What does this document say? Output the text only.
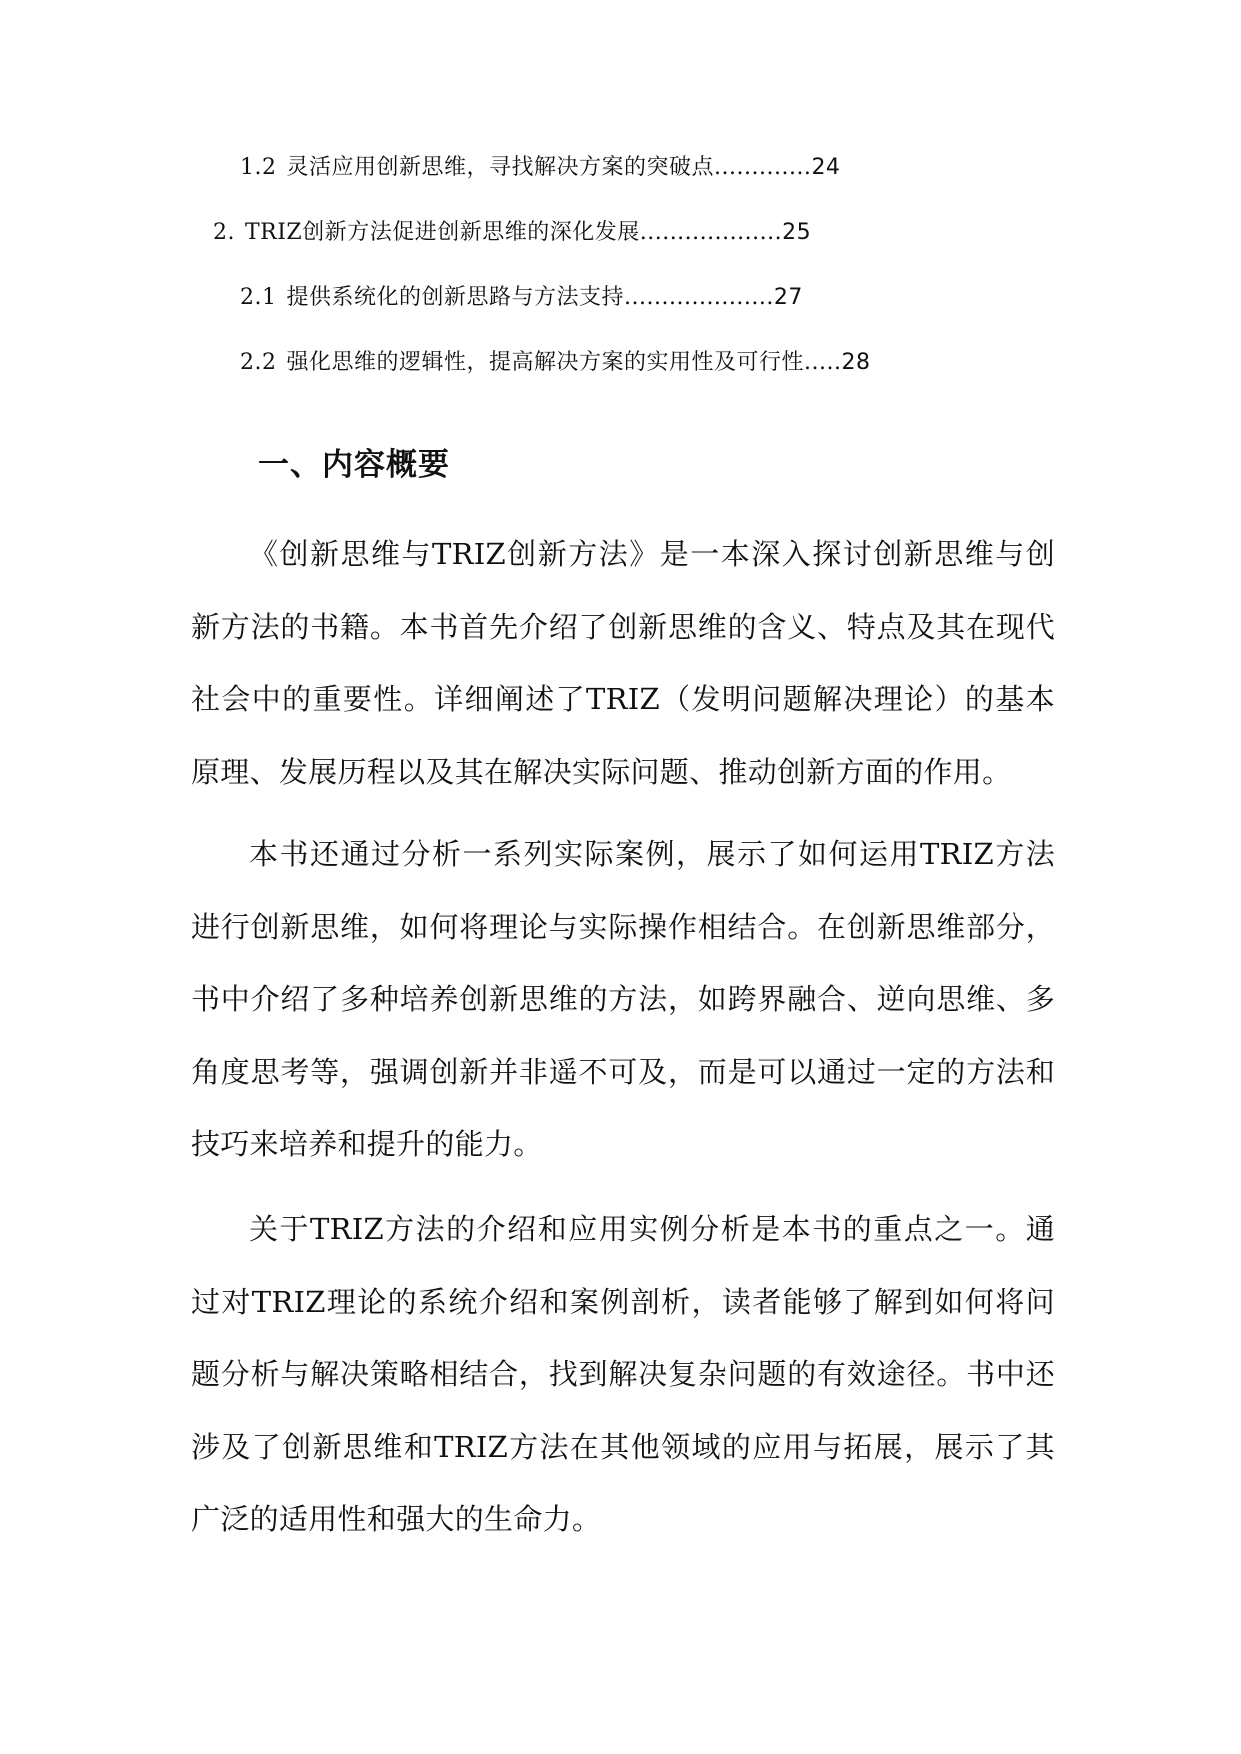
1.2 灵活应用创新思维，寻找解决方案的突破点.............24
2. TRIZ创新方法促进创新思维的深化发展...................25
2.1 提供系统化的创新思路与方法支持....................27
2.2 强化思维的逻辑性，提高解决方案的实用性及可行性.....28
一、内容概要

《创新思维与TRIZ创新方法》是一本深入探讨创新思维与创新方法的书籍。本书首先介绍了创新思维的含义、特点及其在现代社会中的重要性。详细阐述了TRIZ（发明问题解决理论）的基本原理、发展历程以及其在解决实际问题、推动创新方面的作用。

本书还通过分析一系列实际案例，展示了如何运用TRIZ方法进行创新思维，如何将理论与实际操作相结合。在创新思维部分，书中介绍了多种培养创新思维的方法，如跨界融合、逆向思维、多角度思考等，强调创新并非遥不可及，而是可以通过一定的方法和技巧来培养和提升的能力。

关于TRIZ方法的介绍和应用实例分析是本书的重点之一。通过对TRIZ理论的系统介绍和案例剖析，读者能够了解到如何将问题分析与解决策略相结合，找到解决复杂问题的有效途径。书中还涉及了创新思维和TRIZ方法在其他领域的应用与拓展，展示了其广泛的适用性和强大的生命力。
